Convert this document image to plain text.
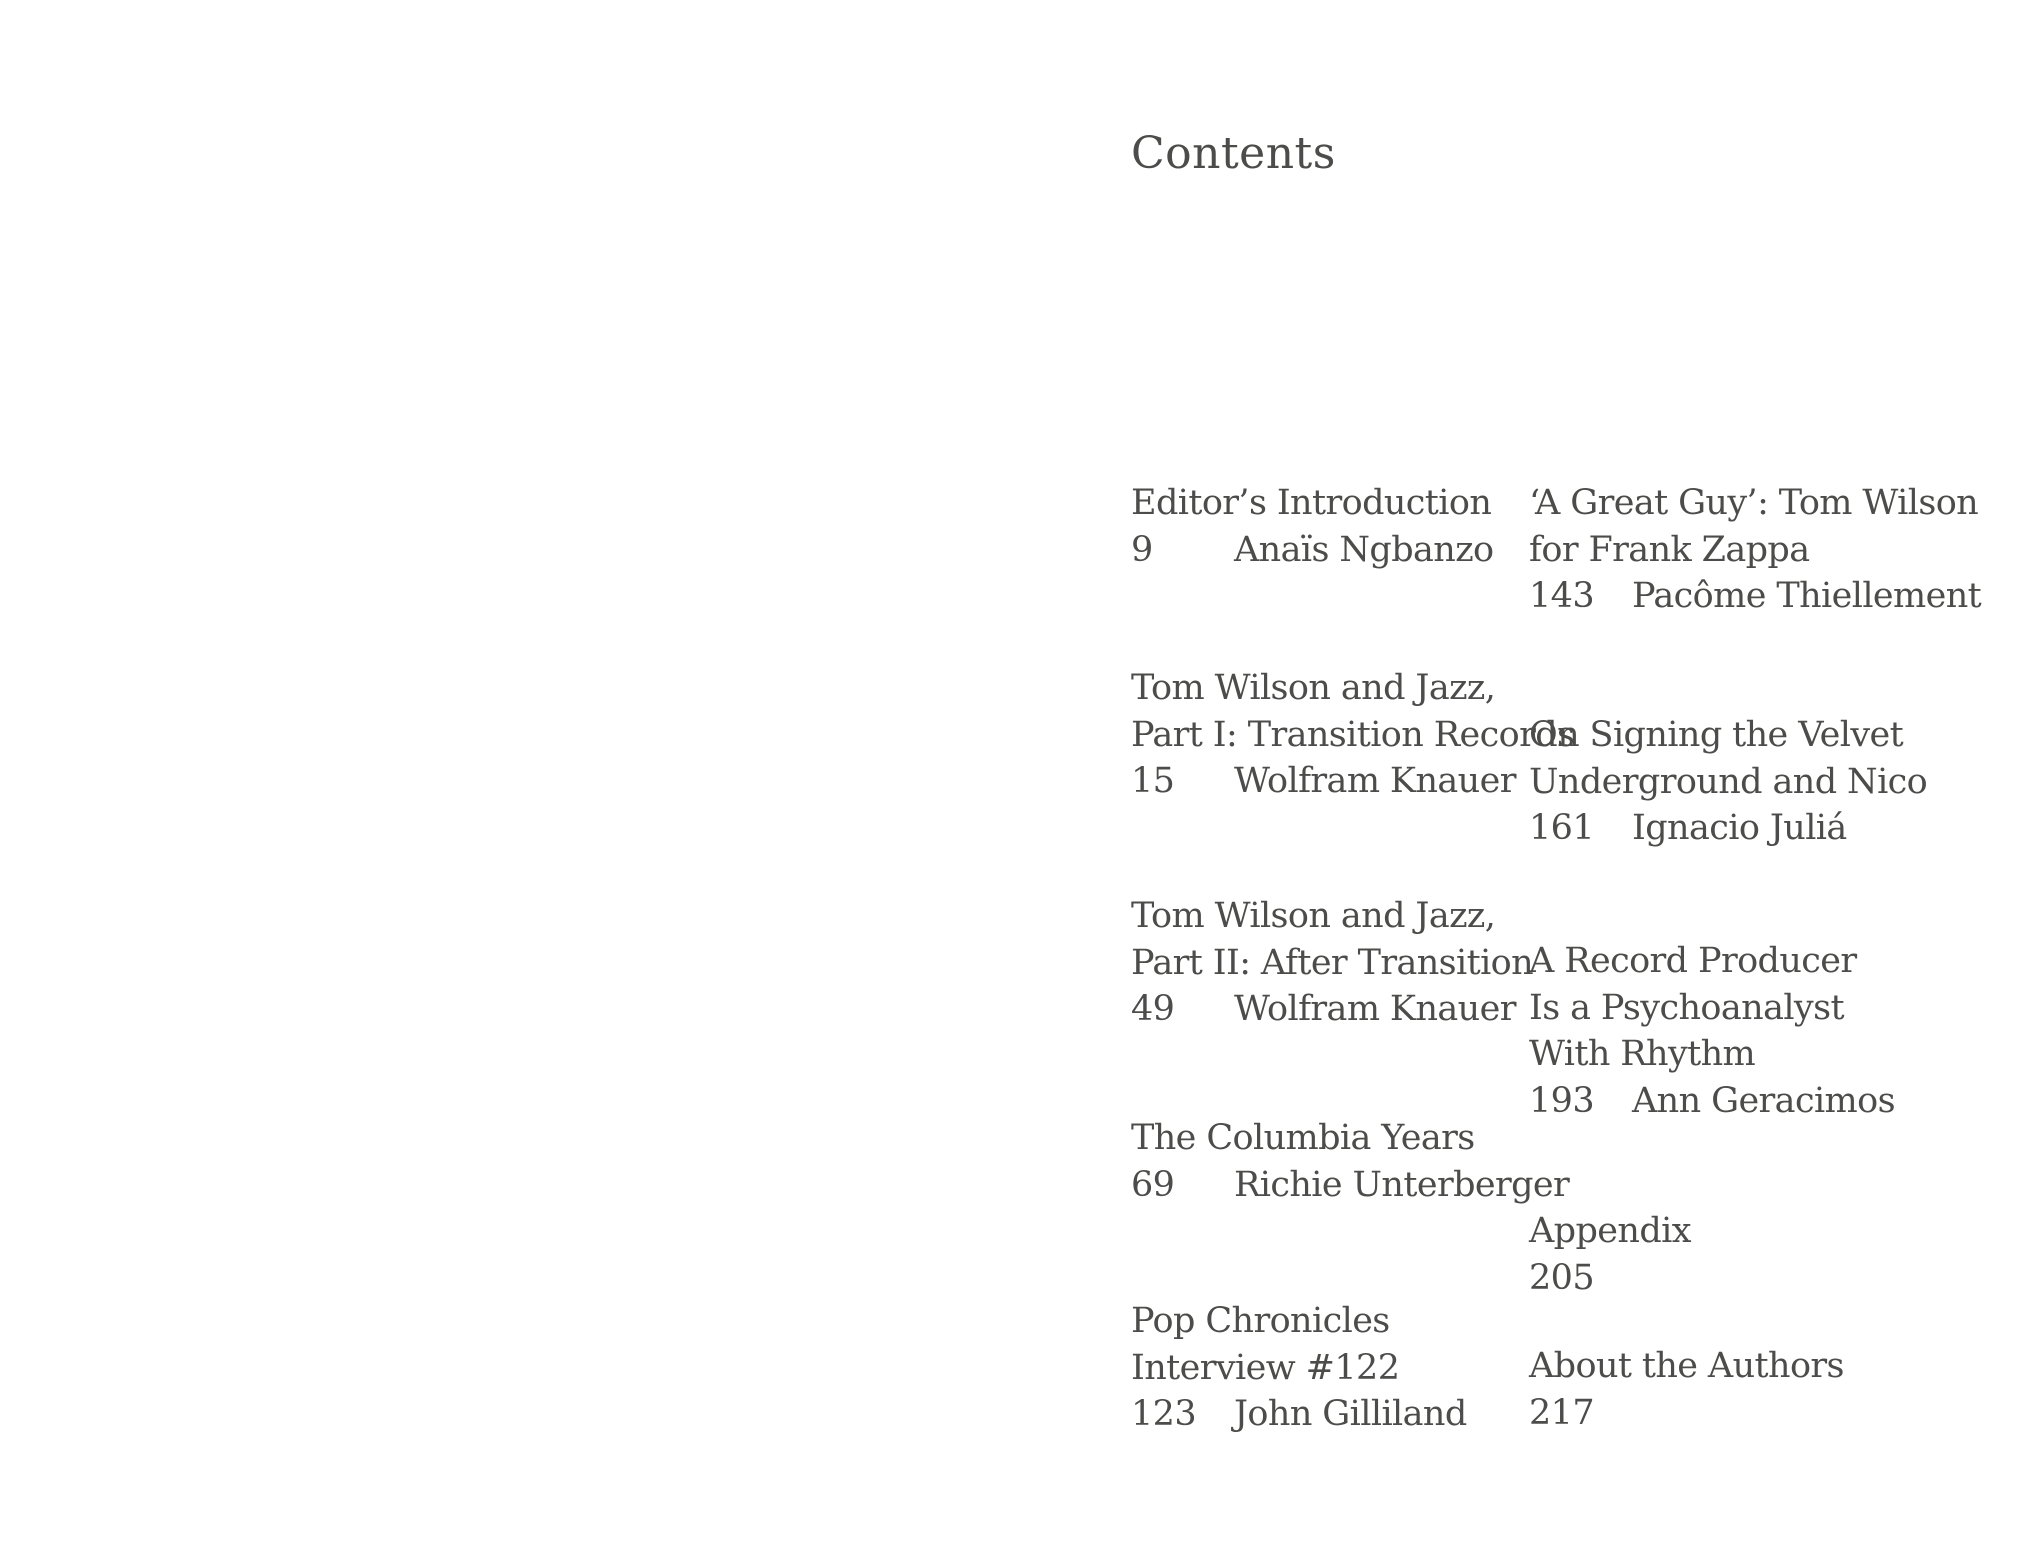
Contents
Editor’s Introduction
9 Anaïs Ngbanzo
Tom Wilson and Jazz,
Part I: Transition Records
15 Wolfram Knauer
Tom Wilson and Jazz,
Part II: After Transition
49 Wolfram Knauer
The Columbia Years
69 Richie Unterberger
Pop Chronicles
Interview #122
123 John Gilliland
‘A Great Guy’: Tom Wilson
for Frank Zappa
143 Pacôme Thiellement
On Signing the Velvet
Underground and Nico
161 Ignacio Juliá
A Record Producer
Is a Psychoanalyst
With Rhythm
193 Ann Geracimos
Appendix
205
About the Authors
217
